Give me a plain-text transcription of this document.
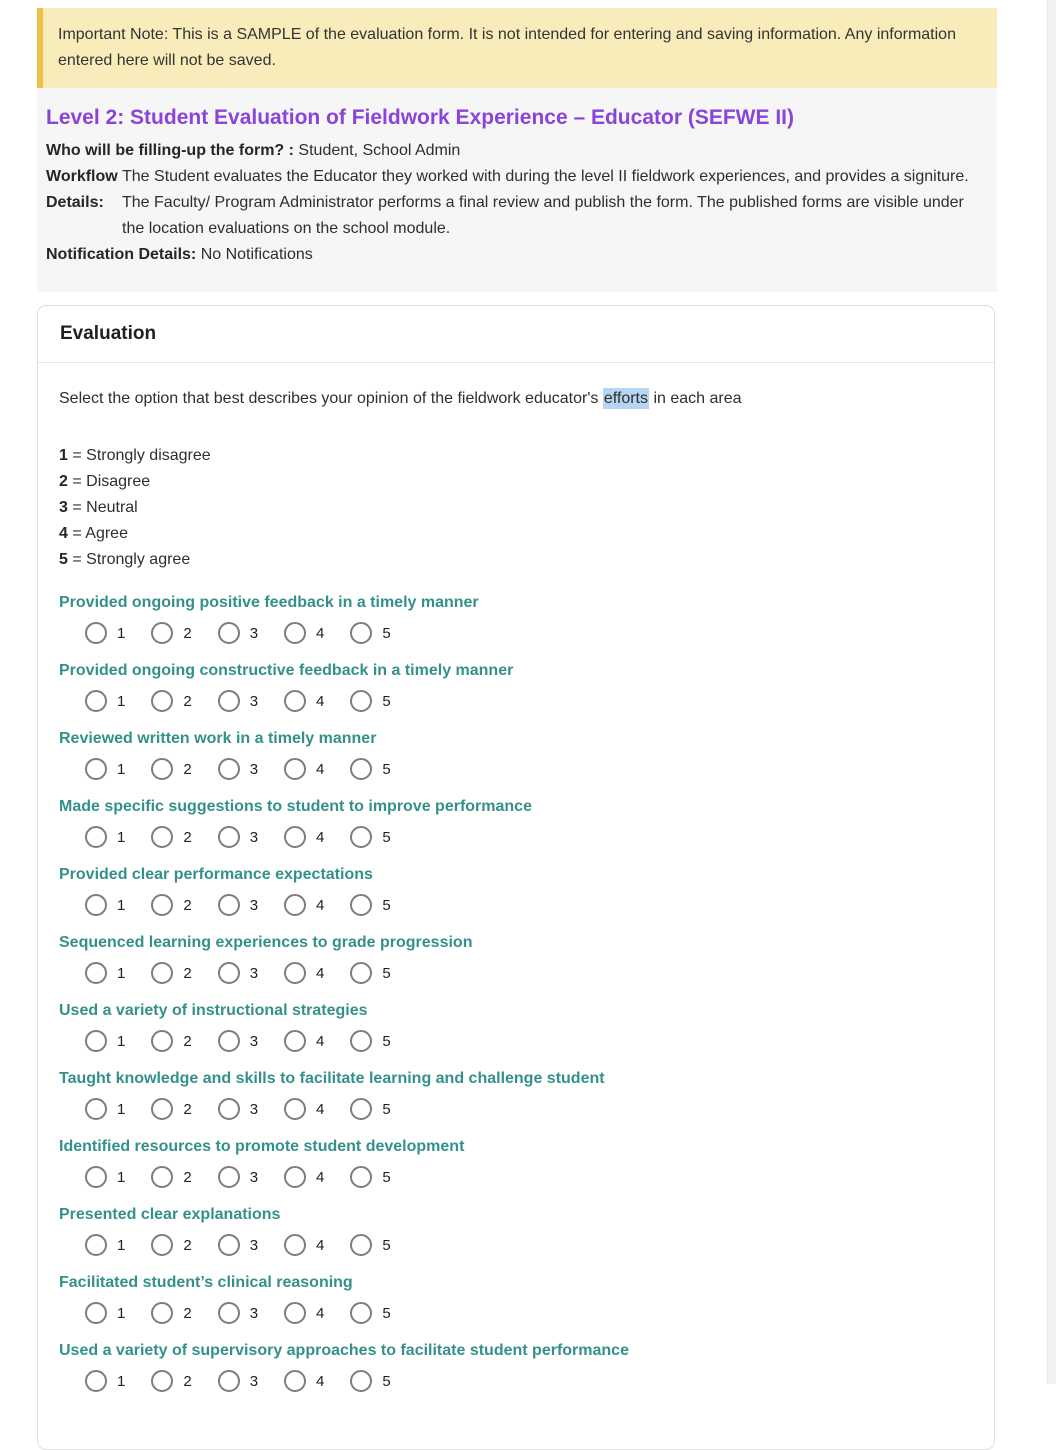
Important Note: This is a SAMPLE of the evaluation form. It is not intended for entering and saving information. Any information entered here will not be saved.
Level 2: Student Evaluation of Fieldwork Experience – Educator (SEFWE II)
Who will be filling-up the form? : Student, School Admin
Workflow Details:
The Student evaluates the Educator they worked with during the level II fieldwork experiences, and provides a signiture. The Faculty/ Program Administrator performs a final review and publish the form. The published forms are visible under the location evaluations on the school module.
Notification Details: No Notifications
Evaluation
Select the option that best describes your opinion of the fieldwork educator's efforts in each area
1 = Strongly disagree
2 = Disagree
3 = Neutral
4 = Agree
5 = Strongly agree
Provided ongoing positive feedback in a timely manner
1	2	3	4	5
Provided ongoing constructive feedback in a timely manner
1	2	3	4	5
Reviewed written work in a timely manner
1	2	3	4	5
Made specific suggestions to student to improve performance
1	2	3	4	5
Provided clear performance expectations
1	2	3	4	5
Sequenced learning experiences to grade progression
1	2	3	4	5
Used a variety of instructional strategies
1	2	3	4	5
Taught knowledge and skills to facilitate learning and challenge student
1	2	3	4	5
Identified resources to promote student development
1	2	3	4	5
Presented clear explanations
1	2	3	4	5
Facilitated student’s clinical reasoning
1	2	3	4	5
Used a variety of supervisory approaches to facilitate student performance
1	2	3	4	5
